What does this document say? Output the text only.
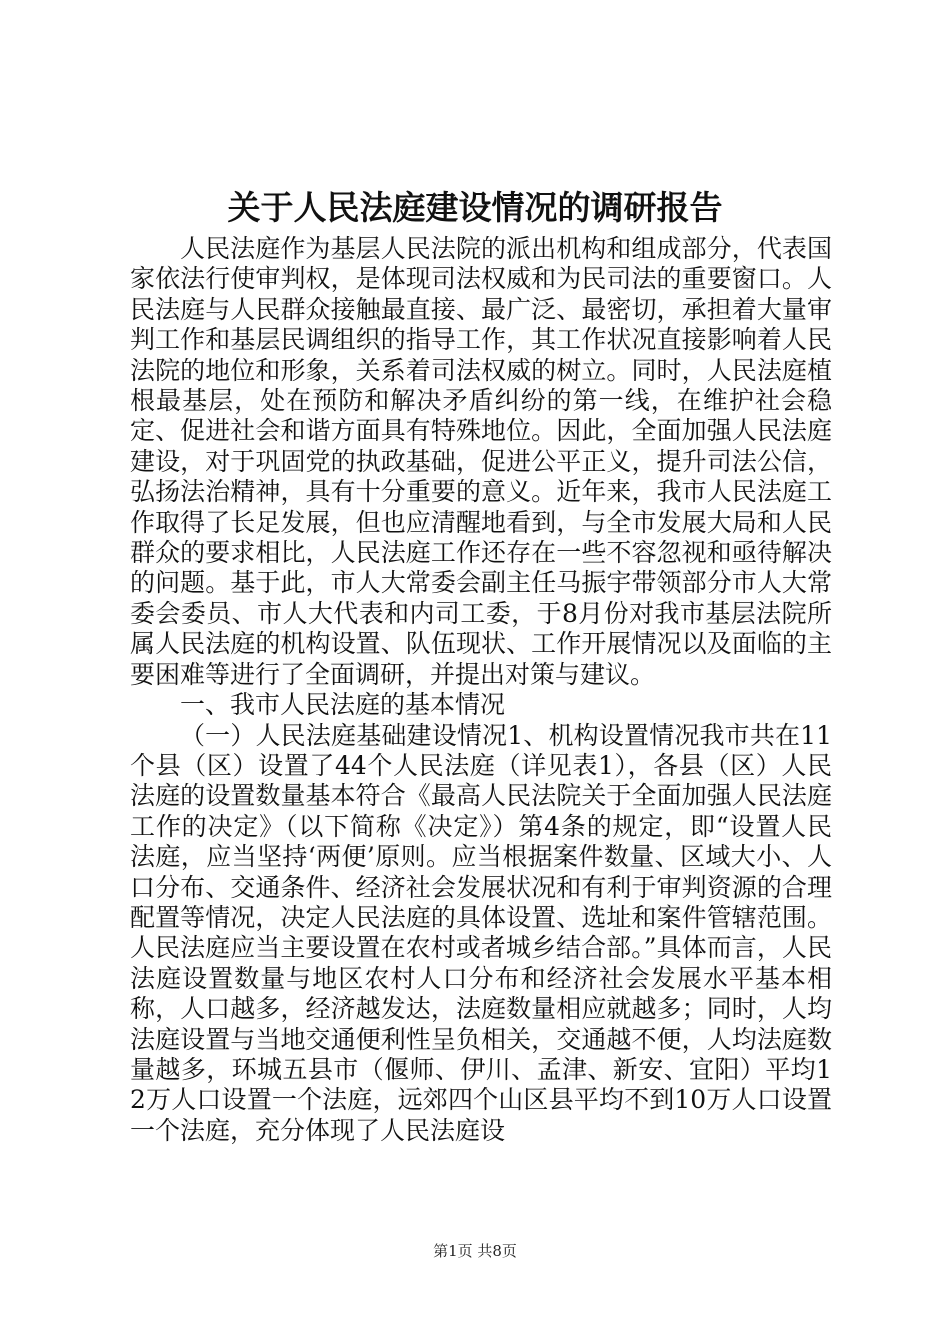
关于人民法庭建设情况的调研报告

人民法庭作为基层人民法院的派出机构和组成部分，代表国家依法行使审判权，是体现司法权威和为民司法的重要窗口。人民法庭与人民群众接触最直接、最广泛、最密切，承担着大量审判工作和基层民调组织的指导工作，其工作状况直接影响着人民法院的地位和形象，关系着司法权威的树立。同时，人民法庭植根最基层，处在预防和解决矛盾纠纷的第一线，在维护社会稳定、促进社会和谐方面具有特殊地位。因此，全面加强人民法庭建设，对于巩固党的执政基础，促进公平正义，提升司法公信，弘扬法治精神，具有十分重要的意义。近年来，我市人民法庭工作取得了长足发展，但也应清醒地看到，与全市发展大局和人民群众的要求相比，人民法庭工作还存在一些不容忽视和亟待解决的问题。基于此，市人大常委会副主任马振宇带领部分市人大常委会委员、市人大代表和内司工委，于8月份对我市基层法院所属人民法庭的机构设置、队伍现状、工作开展情况以及面临的主要困难等进行了全面调研，并提出对策与建议。

一、我市人民法庭的基本情况

（一）人民法庭基础建设情况1、机构设置情况我市共在11个县（区）设置了44个人民法庭（详见表1），各县（区）人民法庭的设置数量基本符合《最高人民法院关于全面加强人民法庭工作的决定》（以下简称《决定》）第4条的规定，即“设置人民法庭，应当坚持‘两便’原则。应当根据案件数量、区域大小、人口分布、交通条件、经济社会发展状况和有利于审判资源的合理配置等情况，决定人民法庭的具体设置、选址和案件管辖范围。人民法庭应当主要设置在农村或者城乡结合部。”具体而言，人民法庭设置数量与地区农村人口分布和经济社会发展水平基本相称，人口越多，经济越发达，法庭数量相应就越多；同时，人均法庭设置与当地交通便利性呈负相关，交通越不便，人均法庭数量越多，环城五县市（偃师、伊川、孟津、新安、宜阳）平均12万人口设置一个法庭，远郊四个山区县平均不到10万人口设置一个法庭，充分体现了人民法庭设

第1页 共8页
